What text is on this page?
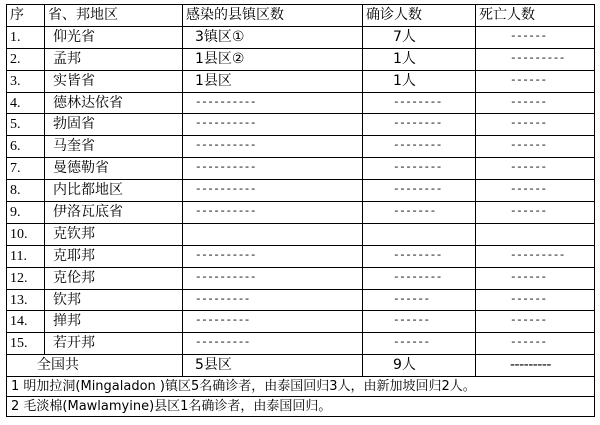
序	省、邦地区	感染的县镇区数	确诊人数	死亡人数
1.	仰光省	3镇区①	7人	------
2.	孟邦	1县区②	1人	---------
3.	实皆省	1县区	1人	------
4.	德林达依省	----------	--------	------
5.	勃固省	----------	--------	------
6.	马奎省	----------	--------	------
7.	曼德勒省	----------	--------	------
8.	内比都地区	----------	--------	------
9.	伊洛瓦底省	----------	-------	------
10.	克钦邦			
11.	克耶邦	----------	--------	---------
12.	克伦邦	----------	--------	------
13.	钦邦	---------	------	------
14.	掸邦	---------	------	------
15.	若开邦	---------	------	------
全国共		5县区	9人	---------
1 明加拉洞(Mingaladon )镇区5名确诊者，由泰国回归3人，由新加坡回归2人。				
2 毛淡棉(Mawlamyine)县区1名确诊者，由泰国回归。				
